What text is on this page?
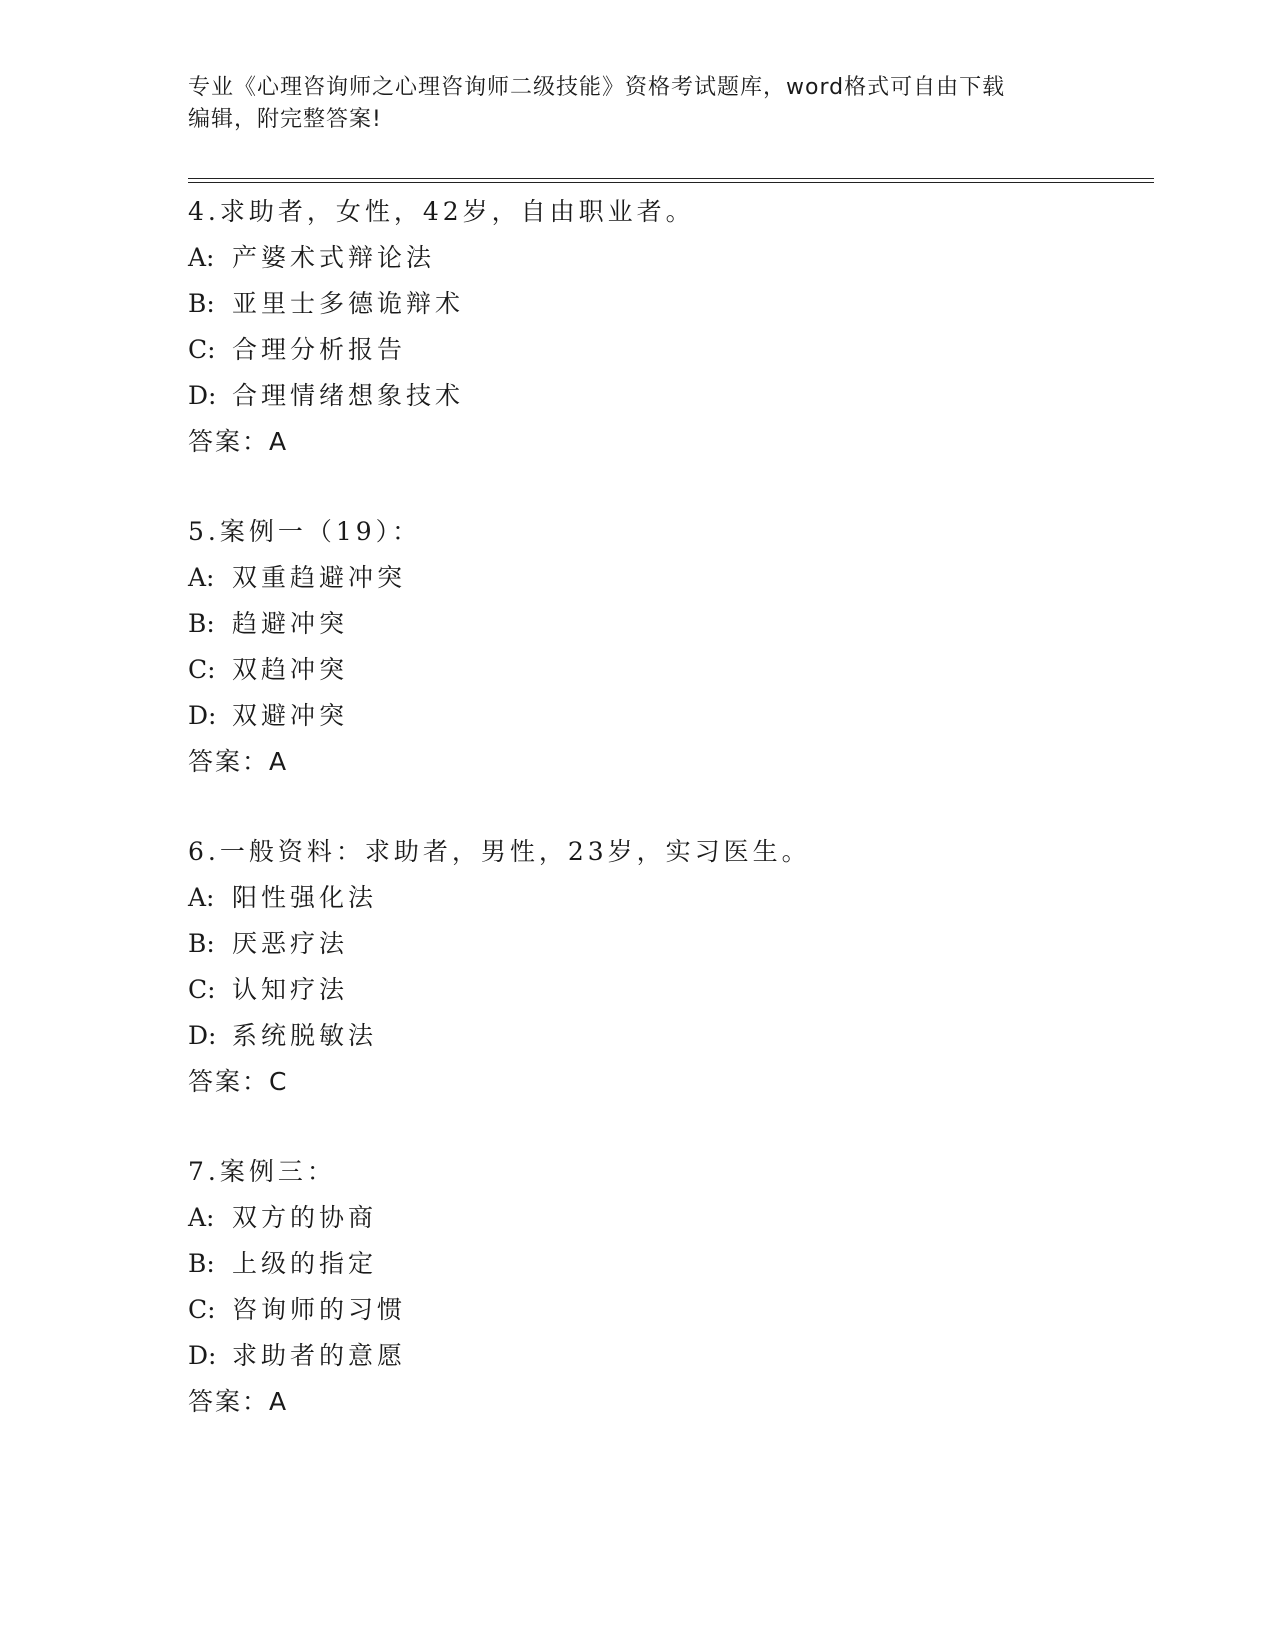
专业《心理咨询师之心理咨询师二级技能》资格考试题库，word格式可自由下载
编辑，附完整答案!
4.求助者，女性，42岁，自由职业者。
A: 产婆术式辩论法
B: 亚里士多德诡辩术
C: 合理分析报告
D: 合理情绪想象技术
答案：A
5.案例一（19）：
A: 双重趋避冲突
B: 趋避冲突
C: 双趋冲突
D: 双避冲突
答案：A
6.一般资料：求助者，男性，23岁，实习医生。
A: 阳性强化法
B: 厌恶疗法
C: 认知疗法
D: 系统脱敏法
答案：C
7.案例三：
A: 双方的协商
B: 上级的指定
C: 咨询师的习惯
D: 求助者的意愿
答案：A
